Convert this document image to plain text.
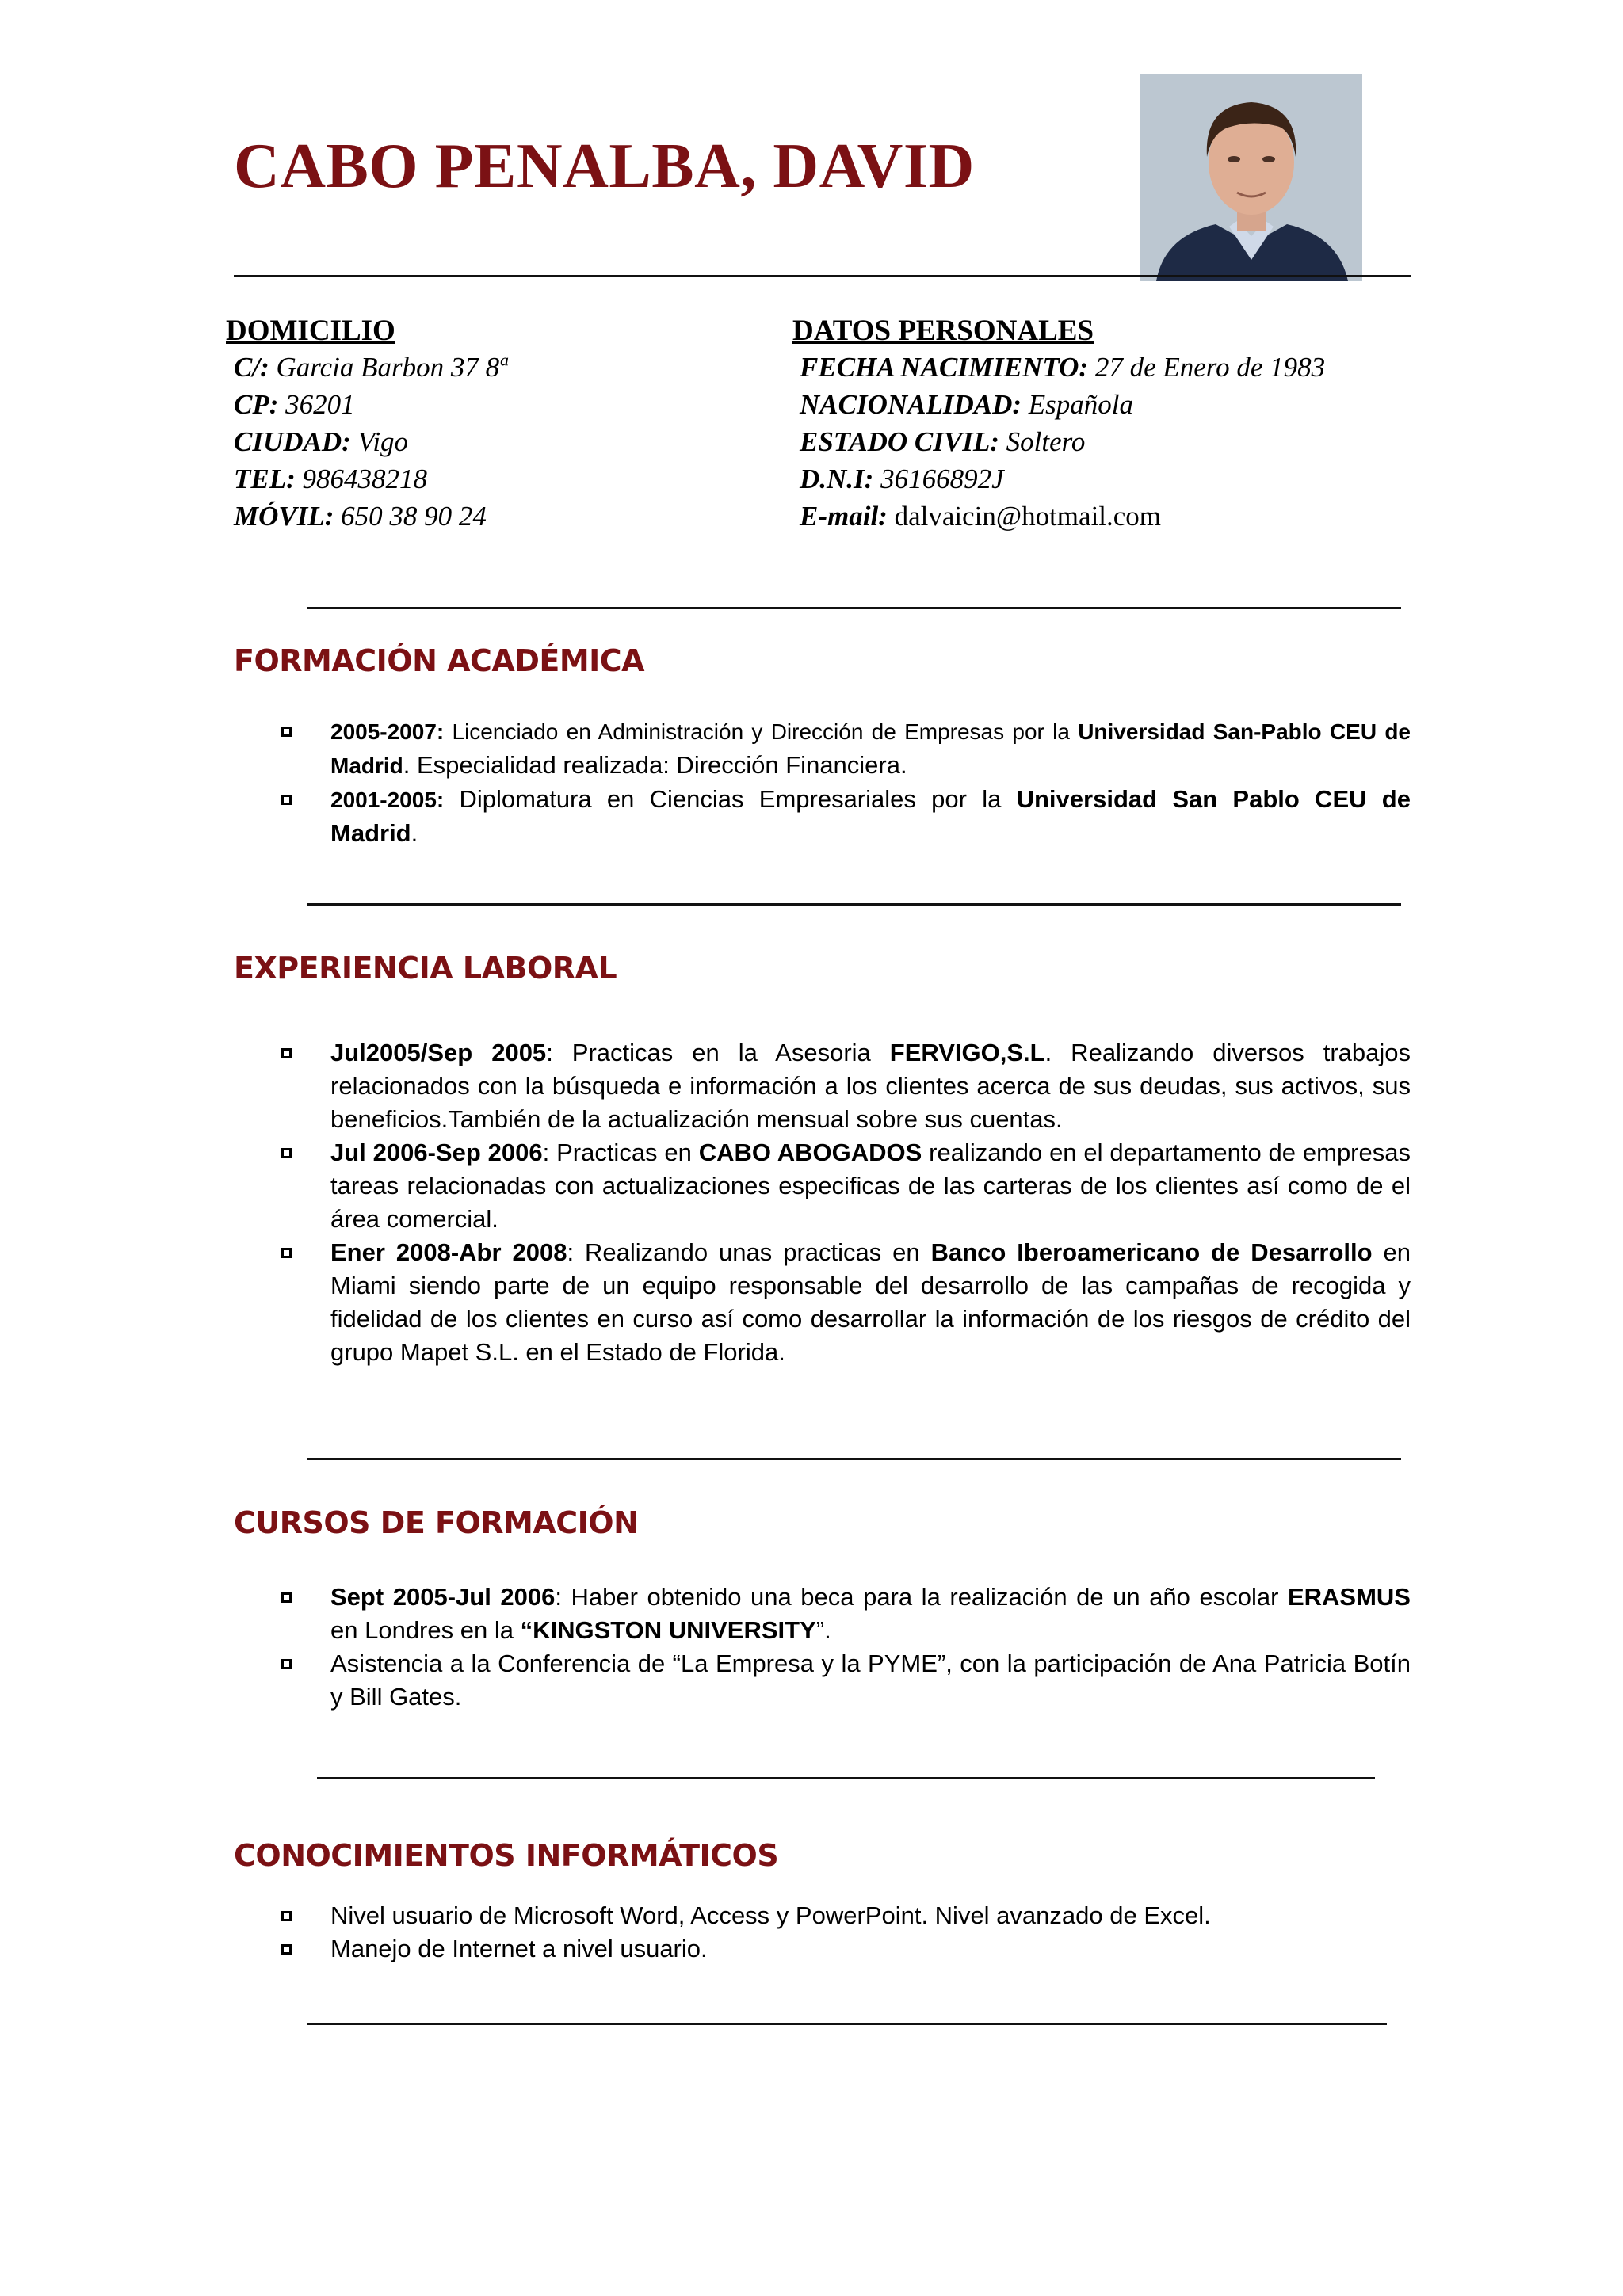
CABO PENALBA, DAVID
DOMICILIO
C/: Garcia Barbon 37 8ª
CP: 36201
CIUDAD: Vigo
TEL: 986438218
MÓVIL: 650 38 90 24
DATOS PERSONALES
FECHA NACIMIENTO: 27 de Enero de 1983
NACIONALIDAD: Española
ESTADO CIVIL: Soltero
D.N.I: 36166892J
E-mail: dalvaicin@hotmail.com
FORMACIÓN ACADÉMICA
2005-2007: Licenciado en Administración y Dirección de Empresas por la Universidad San-Pablo CEU de Madrid. Especialidad realizada: Dirección Financiera.
2001-2005: Diplomatura en Ciencias Empresariales por la Universidad San Pablo CEU de Madrid.
EXPERIENCIA LABORAL
Jul2005/Sep 2005: Practicas en la Asesoria FERVIGO,S.L. Realizando diversos trabajos relacionados con la búsqueda e información a los clientes acerca de sus deudas, sus activos, sus beneficios.También de la actualización mensual sobre sus cuentas.
Jul 2006-Sep 2006: Practicas en CABO ABOGADOS realizando en el departamento de empresas tareas relacionadas con actualizaciones especificas de las carteras de los clientes así como de el área comercial.
Ener 2008-Abr 2008: Realizando unas practicas en Banco Iberoamericano de Desarrollo en Miami siendo parte de un equipo responsable del desarrollo de las campañas de recogida y fidelidad de los clientes en curso así como desarrollar la información de los riesgos de crédito del grupo Mapet S.L. en el Estado de Florida.
CURSOS DE FORMACIÓN
Sept 2005-Jul 2006: Haber obtenido una beca para la realización de un año escolar ERASMUS en Londres en la “KINGSTON UNIVERSITY”.
Asistencia a la Conferencia de “La Empresa y la PYME”, con la participación de Ana Patricia Botín y Bill Gates.
CONOCIMIENTOS INFORMÁTICOS
Nivel usuario de Microsoft Word, Access y PowerPoint. Nivel avanzado de Excel.
Manejo de Internet a nivel usuario.
